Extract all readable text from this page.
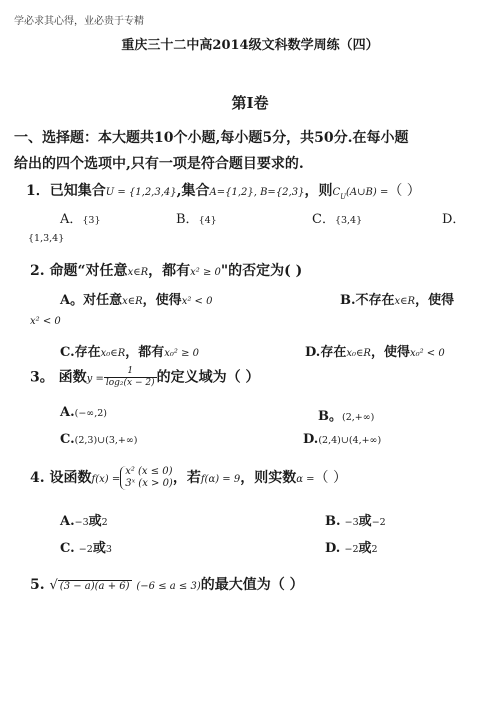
学必求其心得，业必贵于专精
重庆三十二中高2014级文科数学周练（四）
第Ⅰ卷
一、选择题：本大题共10个小题,每小题5分，共50分.在每小题
给出的四个选项中,只有一项是符合题目要求的.
1．已知集合U = {1,2,3,4},集合A={1,2}, B={2,3}，则$C_U(A\cup B)$ =（ ）
A．{3}	B．{4}	C．{3,4}	D．
{1,3,4}
2. 命题“对任意x∈R，都有x² ≥ 0"的否定为( )
A。对任意x∈R，使得x² < 0	B.不存在x∈R，使得
x² < 0
C.存在x₀∈R，都有x₀² ≥ 0	D.存在x₀∈R，使得x₀² < 0
3。 函数$y = \frac{1}{\text{log₂(x − 2)}}$ 的定义域为（ ）
A.(−∞,2)	B。(2,+∞)
C.(2,3)∪(3,+∞)	D.(2,4)∪(4,+∞)
4. 设函数f(x) =
x² (x ≤ 0)
3ˣ (x > 0) ，若f(α) = 9，则实数α =（ ）
A.−3或2	B. −3或−2
C. −2或3	D. −2或2
5. √ (3 − a)(a + 6) (−6 ≤ a ≤ 3)的最大值为（ ）
